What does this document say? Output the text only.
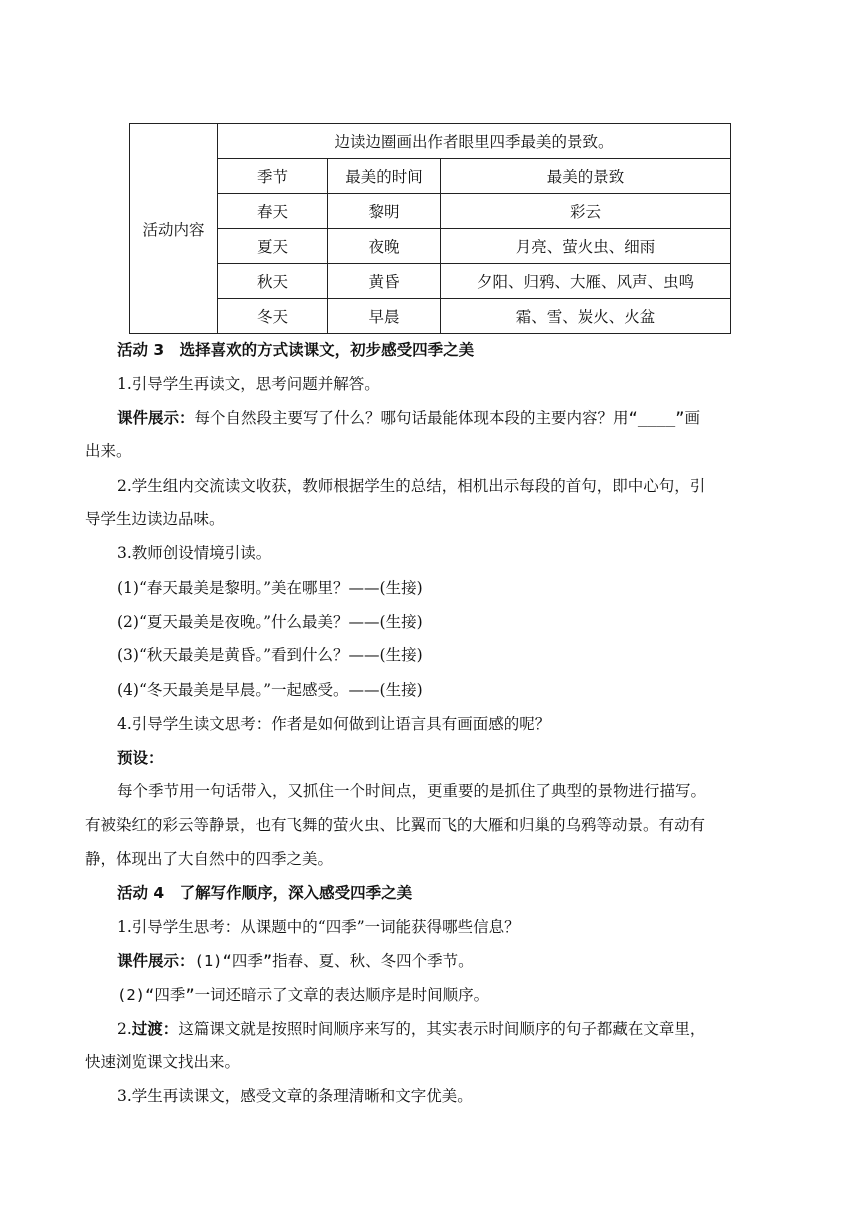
活动内容	边读边圈画出作者眼里四季最美的景致。		
	季节	最美的时间	最美的景致
	春天	黎明	彩云
	夏天	夜晚	月亮、萤火虫、细雨
	秋天	黄昏	夕阳、归鸦、大雁、风声、虫鸣
	冬天	早晨	霜、雪、炭火、火盆
活动 3　选择喜欢的方式读课文，初步感受四季之美
1.引导学生再读文，思考问题并解答。
课件展示：每个自然段主要写了什么？哪句话最能体现本段的主要内容？用“____”画
出来。
2.学生组内交流读文收获，教师根据学生的总结，相机出示每段的首句，即中心句，引
导学生边读边品味。
3.教师创设情境引读。
(1)“春天最美是黎明。”美在哪里？——(生接)
(2)“夏天最美是夜晚。”什么最美？——(生接)
(3)“秋天最美是黄昏。”看到什么？——(生接)
(4)“冬天最美是早晨。”一起感受。——(生接)
4.引导学生读文思考：作者是如何做到让语言具有画面感的呢？
预设：
每个季节用一句话带入，又抓住一个时间点，更重要的是抓住了典型的景物进行描写。
有被染红的彩云等静景，也有飞舞的萤火虫、比翼而飞的大雁和归巢的乌鸦等动景。有动有
静，体现出了大自然中的四季之美。
活动 4　了解写作顺序，深入感受四季之美
1.引导学生思考：从课题中的“四季”一词能获得哪些信息？
课件展示：(1)“四季”指春、夏、秋、冬四个季节。
(2)“四季”一词还暗示了文章的表达顺序是时间顺序。
2.过渡：这篇课文就是按照时间顺序来写的，其实表示时间顺序的句子都藏在文章里，
快速浏览课文找出来。
3.学生再读课文，感受文章的条理清晰和文字优美。
